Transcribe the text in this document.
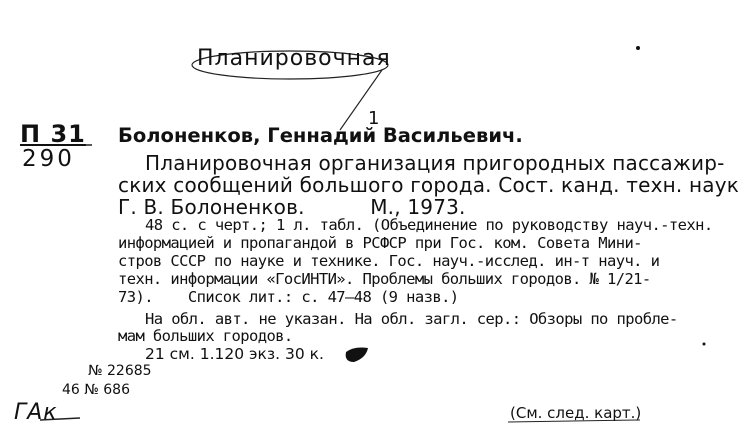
Планировочная
1
П 31
290
Болоненков, Геннадий Васильевич.
Планировочная организация пригородных пассажир-
ских сообщений большого города. Сост. канд. техн. наук
Г. В. Болоненков.          М., 1973.
48 с. с черт.; 1 л. табл. (Объединение по руководству науч.-техн.
информацией и пропагандой в РСФСР при Гос. ком. Совета Мини-
стров СССР по науке и технике. Гос. науч.-исслед. ин-т науч. и
техн. информации «ГосИНТИ». Проблемы больших городов. № 1/21-
73).    Список лит.: с. 47—48 (9 назв.)
На обл. авт. не указан. На обл. загл. сер.: Обзоры по пробле-
мам больших городов.
21 см. 1.120 экз. 30 к.
№ 22685
46 № 686
ГАк	(См. след. карт.)
